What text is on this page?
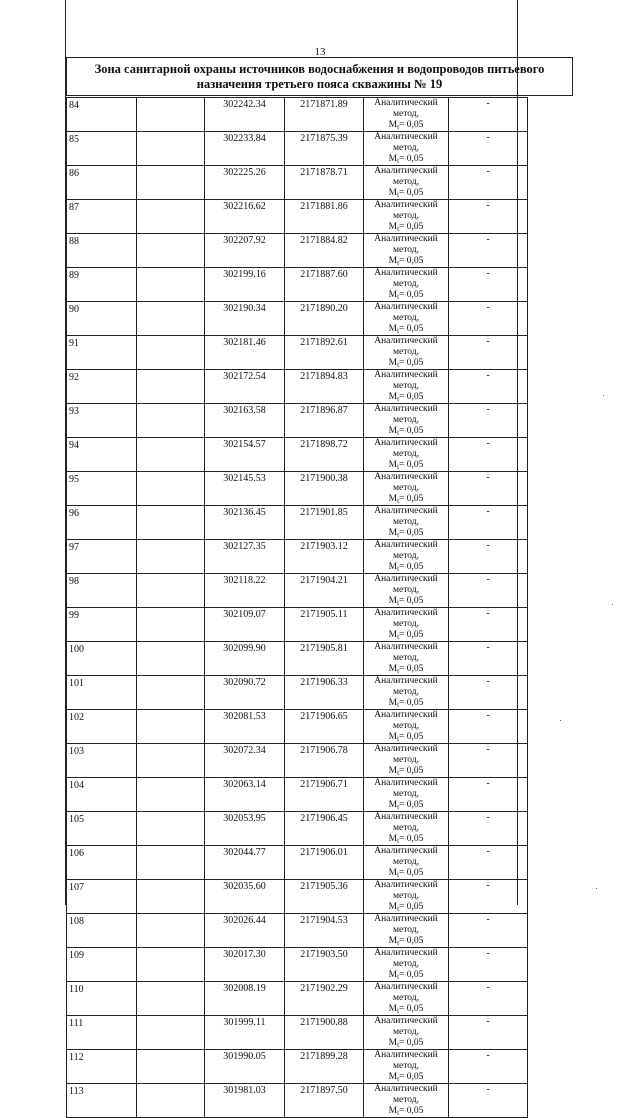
13
Зона санитарной охраны источников водоснабжения и водопроводов питьевого
назначения третьего пояса скважины № 19
84		302242.34	2171871.89	Аналитический метод,
$M_t= 0,05$	-
85		302233.84	2171875.39	Аналитический метод,
$M_t= 0,05$	-
86		302225.26	2171878.71	Аналитический метод,
$M_t= 0,05$	-
87		302216.62	2171881.86	Аналитический метод,
$M_t= 0,05$	-
88		302207.92	2171884.82	Аналитический метод,
$M_t= 0,05$	-
89		302199.16	2171887.60	Аналитический метод,
$M_t= 0,05$	-
90		302190.34	2171890.20	Аналитический метод,
$M_t= 0,05$	-
91		302181.46	2171892.61	Аналитический метод,
$M_t= 0,05$	-
92		302172.54	2171894.83	Аналитический метод,
$M_t= 0,05$	-
93		302163.58	2171896.87	Аналитический метод,
$M_t= 0,05$	-
94		302154.57	2171898.72	Аналитический метод,
$M_t= 0,05$	-
95		302145.53	2171900.38	Аналитический метод,
$M_t= 0,05$	-
96		302136.45	2171901.85	Аналитический метод,
$M_t= 0,05$	-
97		302127.35	2171903.12	Аналитический метод,
$M_t= 0,05$	-
98		302118.22	2171904.21	Аналитический метод,
$M_t= 0,05$	-
99		302109.07	2171905.11	Аналитический метод,
$M_t= 0,05$	-
100		302099.90	2171905.81	Аналитический метод,
$M_t= 0,05$	-
101		302090.72	2171906.33	Аналитический метод,
$M_t= 0,05$	-
102		302081.53	2171906.65	Аналитический метод,
$M_t= 0,05$	-
103		302072.34	2171906.78	Аналитический метод,
$M_t= 0,05$	-
104		302063.14	2171906.71	Аналитический метод,
$M_t= 0,05$	-
105		302053.95	2171906.45	Аналитический метод,
$M_t= 0,05$	-
106		302044.77	2171906.01	Аналитический метод,
$M_t= 0,05$	-
107		302035.60	2171905.36	Аналитический метод,
$M_t= 0,05$	-
108		302026.44	2171904.53	Аналитический метод,
$M_t= 0,05$	-
109		302017.30	2171903.50	Аналитический метод,
$M_t= 0,05$	-
110		302008.19	2171902.29	Аналитический метод,
$M_t= 0,05$	-
111		301999.11	2171900.88	Аналитический метод,
$M_t= 0,05$	-
112		301990.05	2171899.28	Аналитический метод,
$M_t= 0,05$	-
113		301981.03	2171897.50	Аналитический метод,
$M_t= 0,05$	-
